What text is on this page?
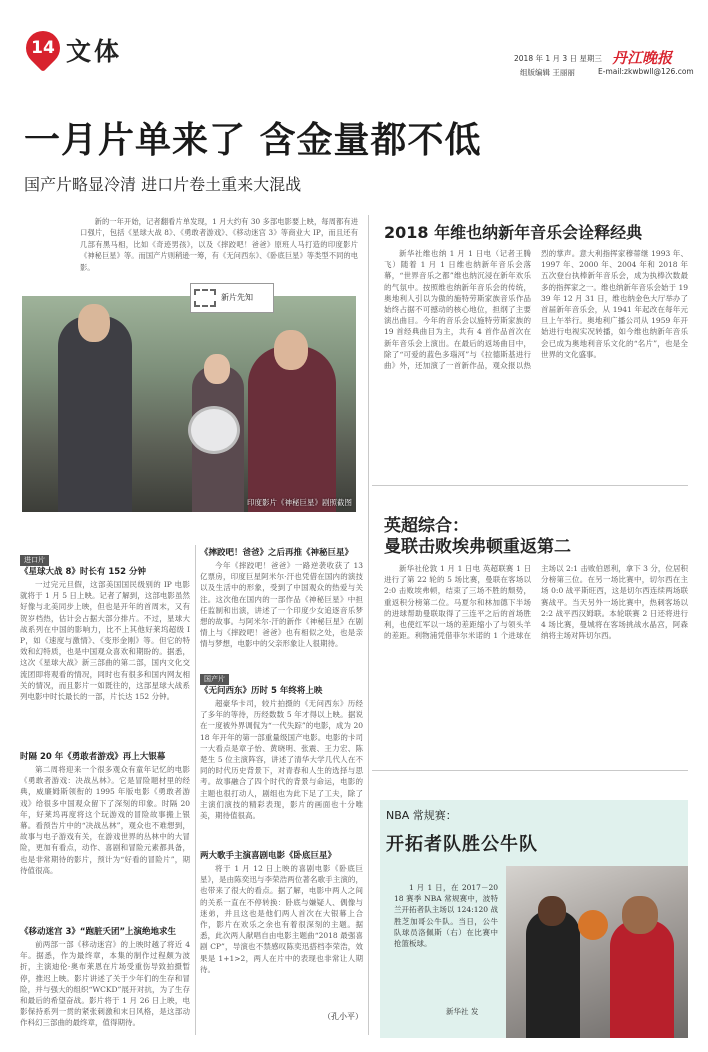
14 文体	2018 年 1 月 3 日 星期三 丹江晚报
组版编辑 王丽丽	E-mail:zkwbwll@126.com
一月片单来了 含金量都不低
国产片略显冷清 进口片卷土重来大混战

新的一年开始，记者翻看片单发现，1 月大约有 30 多部电影要上映，每周都有进口强片，包括《星球大战 8》、《勇敢者游戏》、《移动迷宫 3》等商业大 IP，而且还有几部有黑马相，比如《奇迹男孩》，以及《摔跤吧！爸爸》原班人马打造的印度影片《神秘巨星》等。而国产片则稍逊一筹，有《无问西东》、《卧底巨星》等类型不同的电影。

印度影片《神秘巨星》剧照截图
新片先知
进口片
《星球大战 8》时长有 152 分钟

一过完元旦假，这部美国国民级别的 IP 电影就将于 1 月 5 日上映。记者了解到，这部电影虽然好像与北美同步上映，但也是开年的首周末，又有贺岁档热，估计会占据大部分排片。不过，星球大战系列在中国的影响力，比不上其他好莱坞超级 IP，如《速度与激情》、《变形金刚》等。但它的特效和幻特质，也是中国观众喜欢和期盼的。据悉，这次《星球大战》新三部曲的第二部，国内文化交流团即将观看的情况，同时也有很多和国内网友相关的情况，而且影片一如既往的，这部星球大战系列电影中时长最长的一部，片长达 152 分钟。

时隔 20 年《勇敢者游戏》再上大银幕

第二周将迎来一个很多观众有童年记忆的电影《勇敢者游戏：决战丛林》。它是冒险题材里的经典，威廉姆斯领衔的 1995 年版电影《勇敢者游戏》给很多中国观众留下了深刻的印象。时隔 20 年，好莱坞再度将这个玩游戏的冒险故事搬上银幕。看预告片中的“决战丛林”，观众也不难想到，故事与电子游戏有关，在游戏世界的丛林中的大冒险，更加有看点，动作、喜剧和冒险元素都具备，也是非常期待的影片，预计为“好看的冒险片”，期待值很高。

《移动迷宫 3》“跑脏夭团”上演绝地求生

前两部一部《移动迷宫》的上映时越了将近 4 年。据悉，作为最终章，本集的制作过程颇为波折，主演迪伦·奥布莱恩在片场受重伤导致拍摄暂停，推迟上映。影片讲述了关于少年们的生存和冒险，并与强大的组织“WCKD”展开对抗，为了生存和最后的希望奋战。影片将于 1 月 26 日上映，电影保持系列一贯的紧张刺激和末日风格，是这部动作科幻三部曲的最终章，值得期待。

《摔跤吧！爸爸》之后再推《神秘巨星》

今年《摔跤吧！爸爸》一路逆袭收获了 13 亿票房，印度巨星阿米尔·汗也凭借在国内的演技以及生活中的形象，受到了中国观众的热爱与关注。这次他在国内的一部作品《神秘巨星》中担任监制和出演，讲述了一个印度少女追逐音乐梦想的故事。与阿米尔·汗的新作《神秘巨星》在剧情上与《摔跤吧！爸爸》也有相似之处，也是亲情与梦想，电影中的父亲形象让人很期待。

国产片
《无问西东》历时 5 年终将上映

超豪华卡司，较片拍摄的《无问西东》历经了多年的等待，历经数数 5 年才得以上映。据说在一度被外界调侃为“一代失踪”的电影，成为 2018 年开年的第一部重量级国产电影。电影的卡司一大看点是章子怡、黄晓明、张震、王力宏、陈楚生 5 位主演阵容，讲述了清华大学几代人在不同的时代历史背景下，对青春和人生的选择与思考。故事融合了四个时代的背景与命运，电影的主题也很打动人，剧组也为此下足了工夫，除了主演们演技的精彩表现，影片的画面也十分唯美，期待值很高。

两大歌手主演喜剧电影《卧底巨星》

将于 1 月 12 日上映的喜剧电影《卧底巨星》，是由陈奕迅与李荣浩两位著名歌手主演的，也带来了很大的看点。据了解，电影中两人之间的关系一直在不停转换：卧底与嫌疑人、偶像与迷弟，并且这也是他们两人首次在大银幕上合作，影片在欢乐之余也有着很深刻的主题。据悉，此次两人献唱自由电影主题曲“2018 最强喜剧 CP”，导演也不禁感叹陈奕迅搭档李荣浩，效果是 1+1>2，两人在片中的表现也非常让人期待。

（孔小平）
2018 年维也纳新年音乐会诠释经典

新华社维也纳 1 月 1 日电（记者王腾飞）随着 1 月 1 日维也纳新年音乐会落幕，“世界音乐之都”维也纳沉浸在新年欢乐的气氛中。按照维也纳新年音乐会的传统，奥地利人引以为傲的施特劳斯家族音乐作品始终占据不可撼动的核心地位，担纲了主要演出曲目。今年的音乐会以施特劳斯家族的 19 首经典曲目为主，共有 4 首作品首次在新年音乐会上演出。在最后的返场曲目中，除了“可爱的蓝色多瑙河”与《拉德斯基进行曲》外，还加演了一首新作品，观众报以热烈的掌声。意大利指挥家穆蒂继 1993 年、1997 年、2000 年、2004 年和 2018 年五次登台执棒新年音乐会，成为执棒次数最多的指挥家之一。维也纳新年音乐会始于 1939 年 12 月 31 日，维也纳金色大厅举办了首届新年音乐会，从 1941 年起改在每年元旦上午举行。奥地利广播公司从 1959 年开始进行电视实况转播，如今维也纳新年音乐会已成为奥地利音乐文化的“名片”，也是全世界的文化盛事。

英超综合：
曼联击败埃弗顿重返第二

新华社伦敦 1 月 1 日电 英超联赛 1 日进行了第 22 轮的 5 场比赛，曼联在客场以 2:0 击败埃弗顿，结束了三场不胜的颓势，重返积分榜第二位。马夏尔和林加德下半场的进球帮助曼联取得了三连平之后的首场胜利，也使红军以一场的差距缩小了与领头羊的差距。利物浦凭借菲尔米诺的 1 个进球在主场以 2:1 击败伯恩利，拿下 3 分，位居积分榜第三位。在另一场比赛中，切尔西在主场 0:0 战平斯旺西，这是切尔西连续两场联赛战平。当天另外一场比赛中，热刺客场以 2:2 战平西汉姆联。本轮联赛 2 日还将进行 4 场比赛，曼城将在客场挑战水晶宫，阿森纳将主场对阵切尔西。

NBA 常规赛：
开拓者队胜公牛队

1 月 1 日，在 2017－2018 赛季 NBA 常规赛中，波特兰开拓者队主场以 124:120 战胜芝加哥公牛队。当日，公牛队球员洛佩斯（右）在比赛中抢篮板球。

新华社 发
